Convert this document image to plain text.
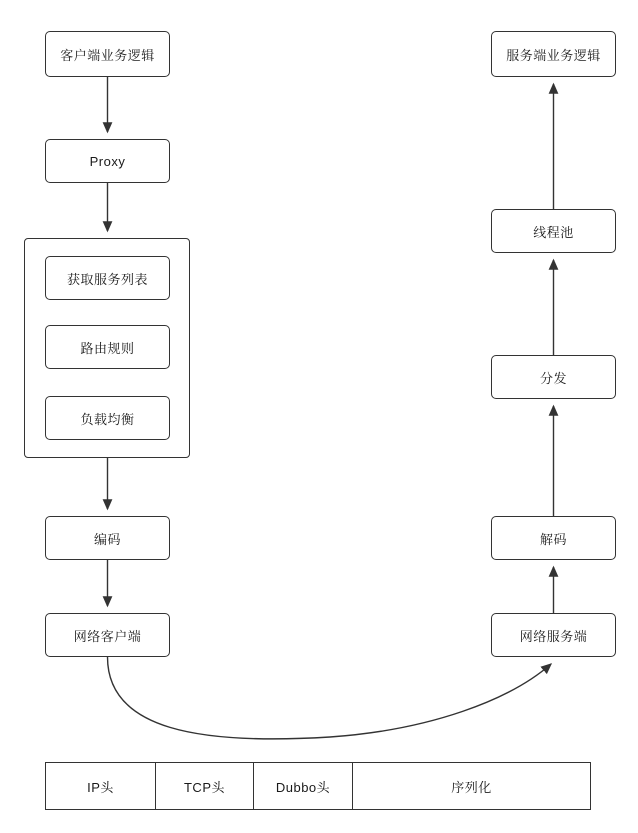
客户端业务逻辑
Proxy
获取服务列表
路由规则
负载均衡
编码
网络客户端
服务端业务逻辑
线程池
分发
解码
网络服务端
IP头	TCP头	Dubbo头	序列化
